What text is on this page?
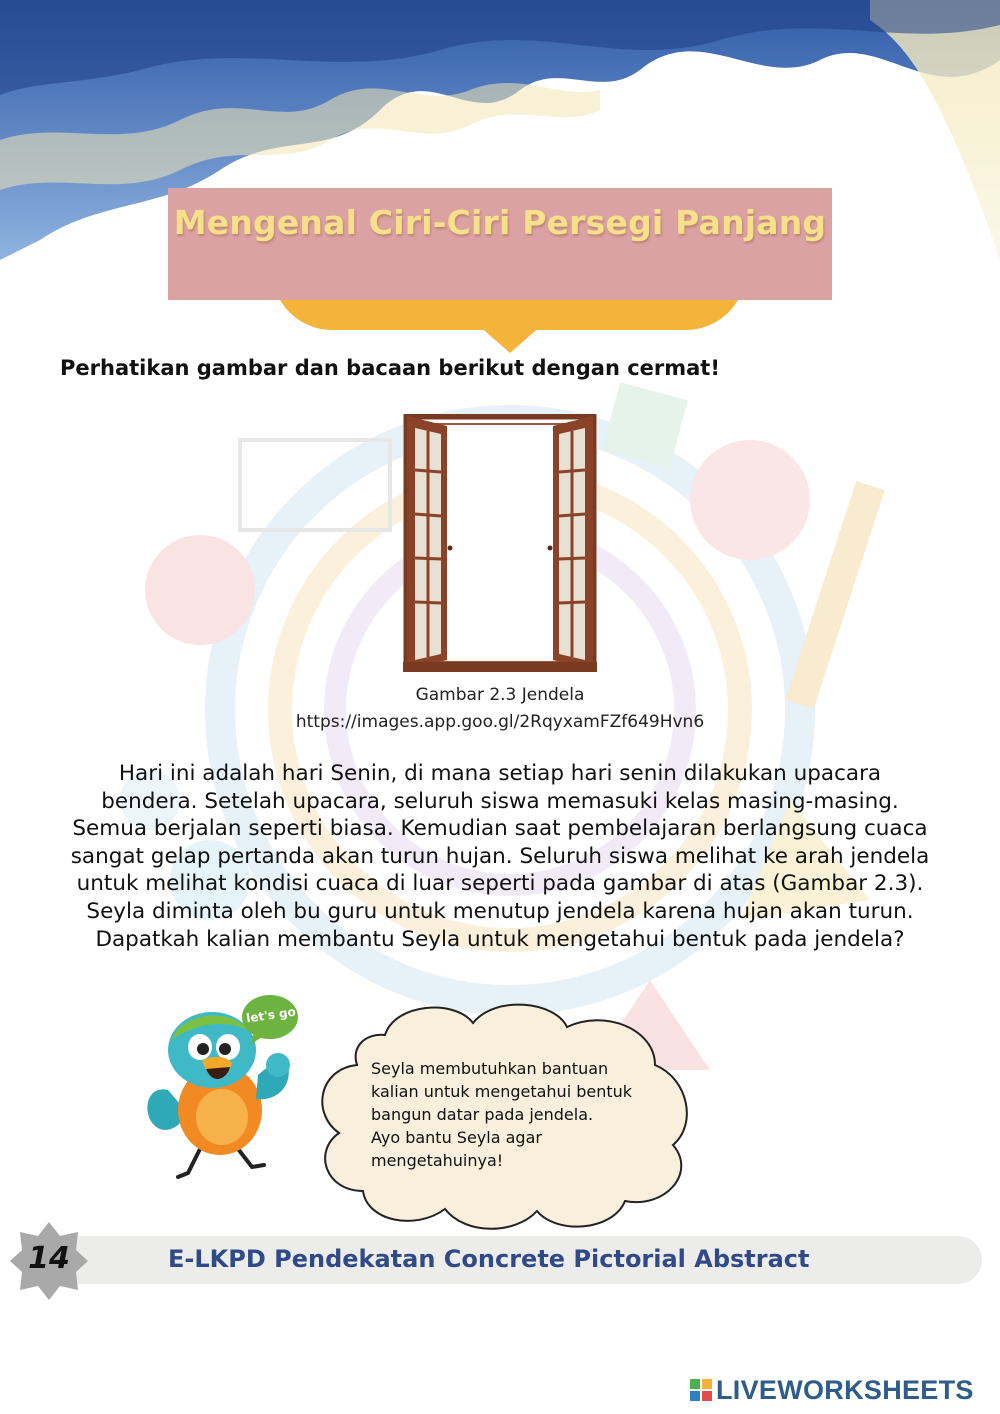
Mengenal Ciri-Ciri Persegi Panjang
Perhatikan gambar dan bacaan berikut dengan cermat!
Gambar 2.3 Jendela
https://images.app.goo.gl/2RqyxamFZf649Hvn6
Hari ini adalah hari Senin, di mana setiap hari senin dilakukan upacara bendera. Setelah upacara, seluruh siswa memasuki kelas masing-masing. Semua berjalan seperti biasa. Kemudian saat pembelajaran berlangsung cuaca sangat gelap pertanda akan turun hujan. Seluruh siswa melihat ke arah jendela untuk melihat kondisi cuaca di luar seperti pada gambar di atas (Gambar 2.3). Seyla diminta oleh bu guru untuk menutup jendela karena hujan akan turun. Dapatkah kalian membantu Seyla untuk mengetahui bentuk pada jendela?
let's go
Seyla membutuhkan bantuan
kalian untuk mengetahui bentuk
bangun datar pada jendela.
Ayo bantu Seyla agar
mengetahuinya!
14	E-LKPD Pendekatan Concrete Pictorial Abstract
LIVEWORKSHEETS
